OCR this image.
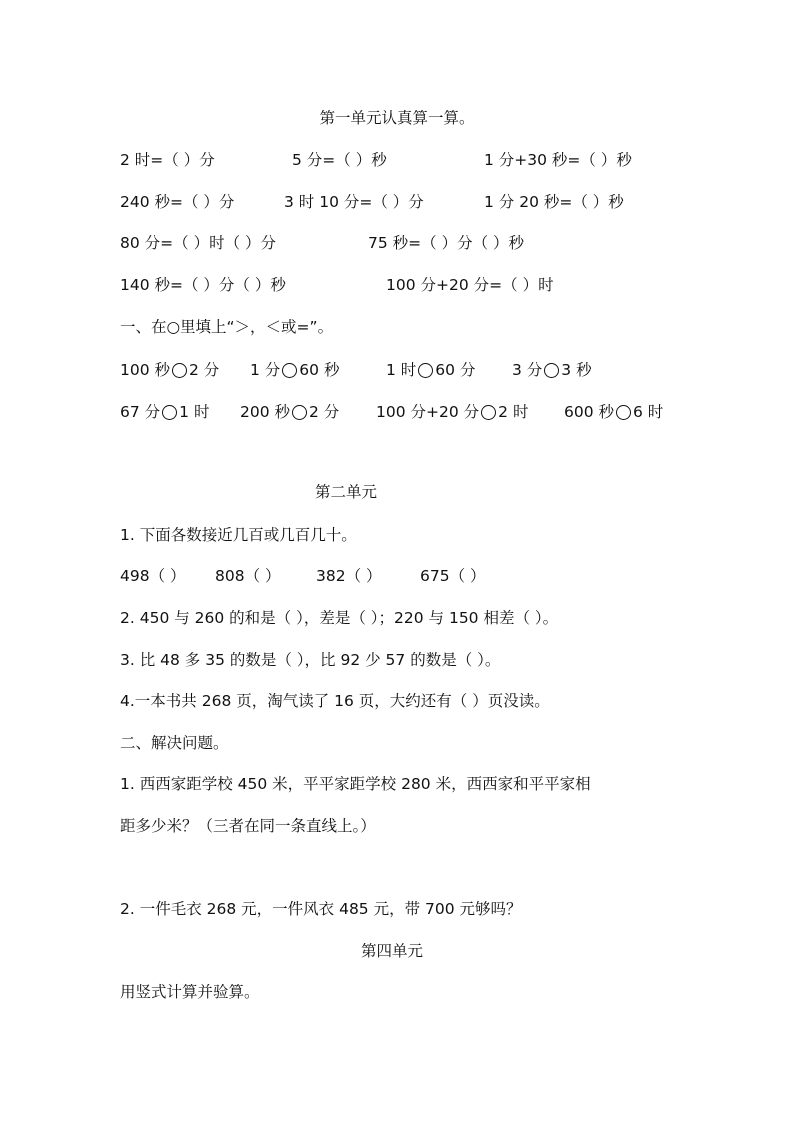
第一单元认真算一算。
2 时=（ ）分	5 分=（ ）秒	1 分+30 秒=（ ）秒
240 秒=（ ）分	3 时 10 分=（ ）分	1 分 20 秒=（ ）秒
80 分=（ ）时（ ）分	75 秒=（ ）分（ ）秒
140 秒=（ ）分（ ）秒	100 分+20 分=（ ）时
一、在○里填上“＞，＜或=”。
100 秒 2 分 1 分 60 秒	1 时 60 分 3 分 3 秒
67 分 1 时 200 秒 2 分 100 分+20 分 2 时 600 秒 6 时
第二单元
1. 下面各数接近几百或几百几十。
498（ ） 808（ ） 382（ ） 675（ ）
2. 450 与 260 的和是（ ），差是（ ）；220 与 150 相差（ ）。
3. 比 48 多 35 的数是（ ），比 92 少 57 的数是（ ）。
4.一本书共 268 页，淘气读了 16 页，大约还有（ ）页没读。
二、解决问题。
1. 西西家距学校 450 米，平平家距学校 280 米，西西家和平平家相
距多少米？（三者在同一条直线上。）
2. 一件毛衣 268 元，一件风衣 485 元，带 700 元够吗？
第四单元
用竖式计算并验算。
